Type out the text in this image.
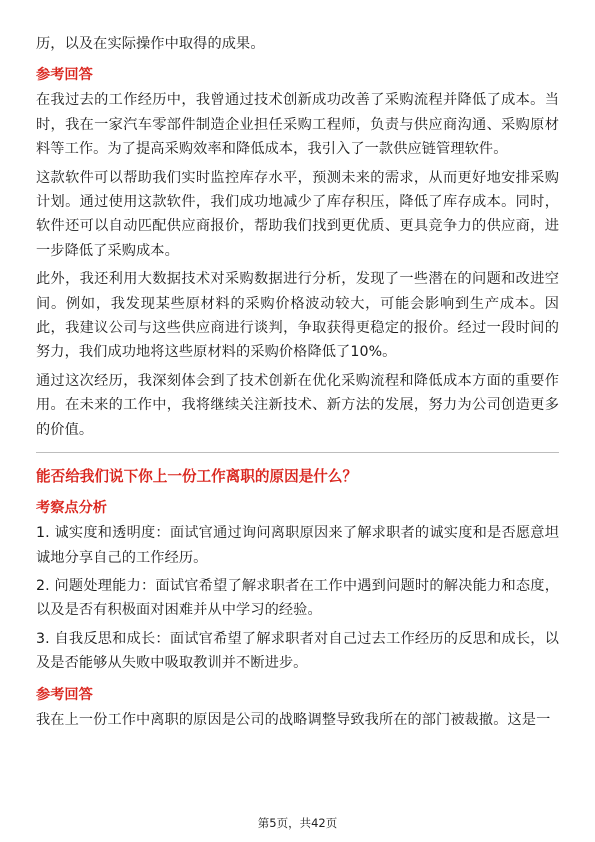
历，以及在实际操作中取得的成果。

参考回答

在我过去的工作经历中，我曾通过技术创新成功改善了采购流程并降低了成本。当时，我在一家汽车零部件制造企业担任采购工程师，负责与供应商沟通、采购原材料等工作。为了提高采购效率和降低成本，我引入了一款供应链管理软件。

这款软件可以帮助我们实时监控库存水平，预测未来的需求，从而更好地安排采购计划。通过使用这款软件，我们成功地减少了库存积压，降低了库存成本。同时，软件还可以自动匹配供应商报价，帮助我们找到更优质、更具竞争力的供应商，进一步降低了采购成本。

此外，我还利用大数据技术对采购数据进行分析，发现了一些潜在的问题和改进空间。例如，我发现某些原材料的采购价格波动较大，可能会影响到生产成本。因此，我建议公司与这些供应商进行谈判，争取获得更稳定的报价。经过一段时间的努力，我们成功地将这些原材料的采购价格降低了10%。

通过这次经历，我深刻体会到了技术创新在优化采购流程和降低成本方面的重要作用。在未来的工作中，我将继续关注新技术、新方法的发展，努力为公司创造更多的价值。

能否给我们说下你上一份工作离职的原因是什么？
考察点分析

1. 诚实度和透明度：面试官通过询问离职原因来了解求职者的诚实度和是否愿意坦诚地分享自己的工作经历。

2. 问题处理能力：面试官希望了解求职者在工作中遇到问题时的解决能力和态度，以及是否有积极面对困难并从中学习的经验。

3. 自我反思和成长：面试官希望了解求职者对自己过去工作经历的反思和成长，以及是否能够从失败中吸取教训并不断进步。

参考回答

我在上一份工作中离职的原因是公司的战略调整导致我所在的部门被裁撤。这是一

第5页，共42页
